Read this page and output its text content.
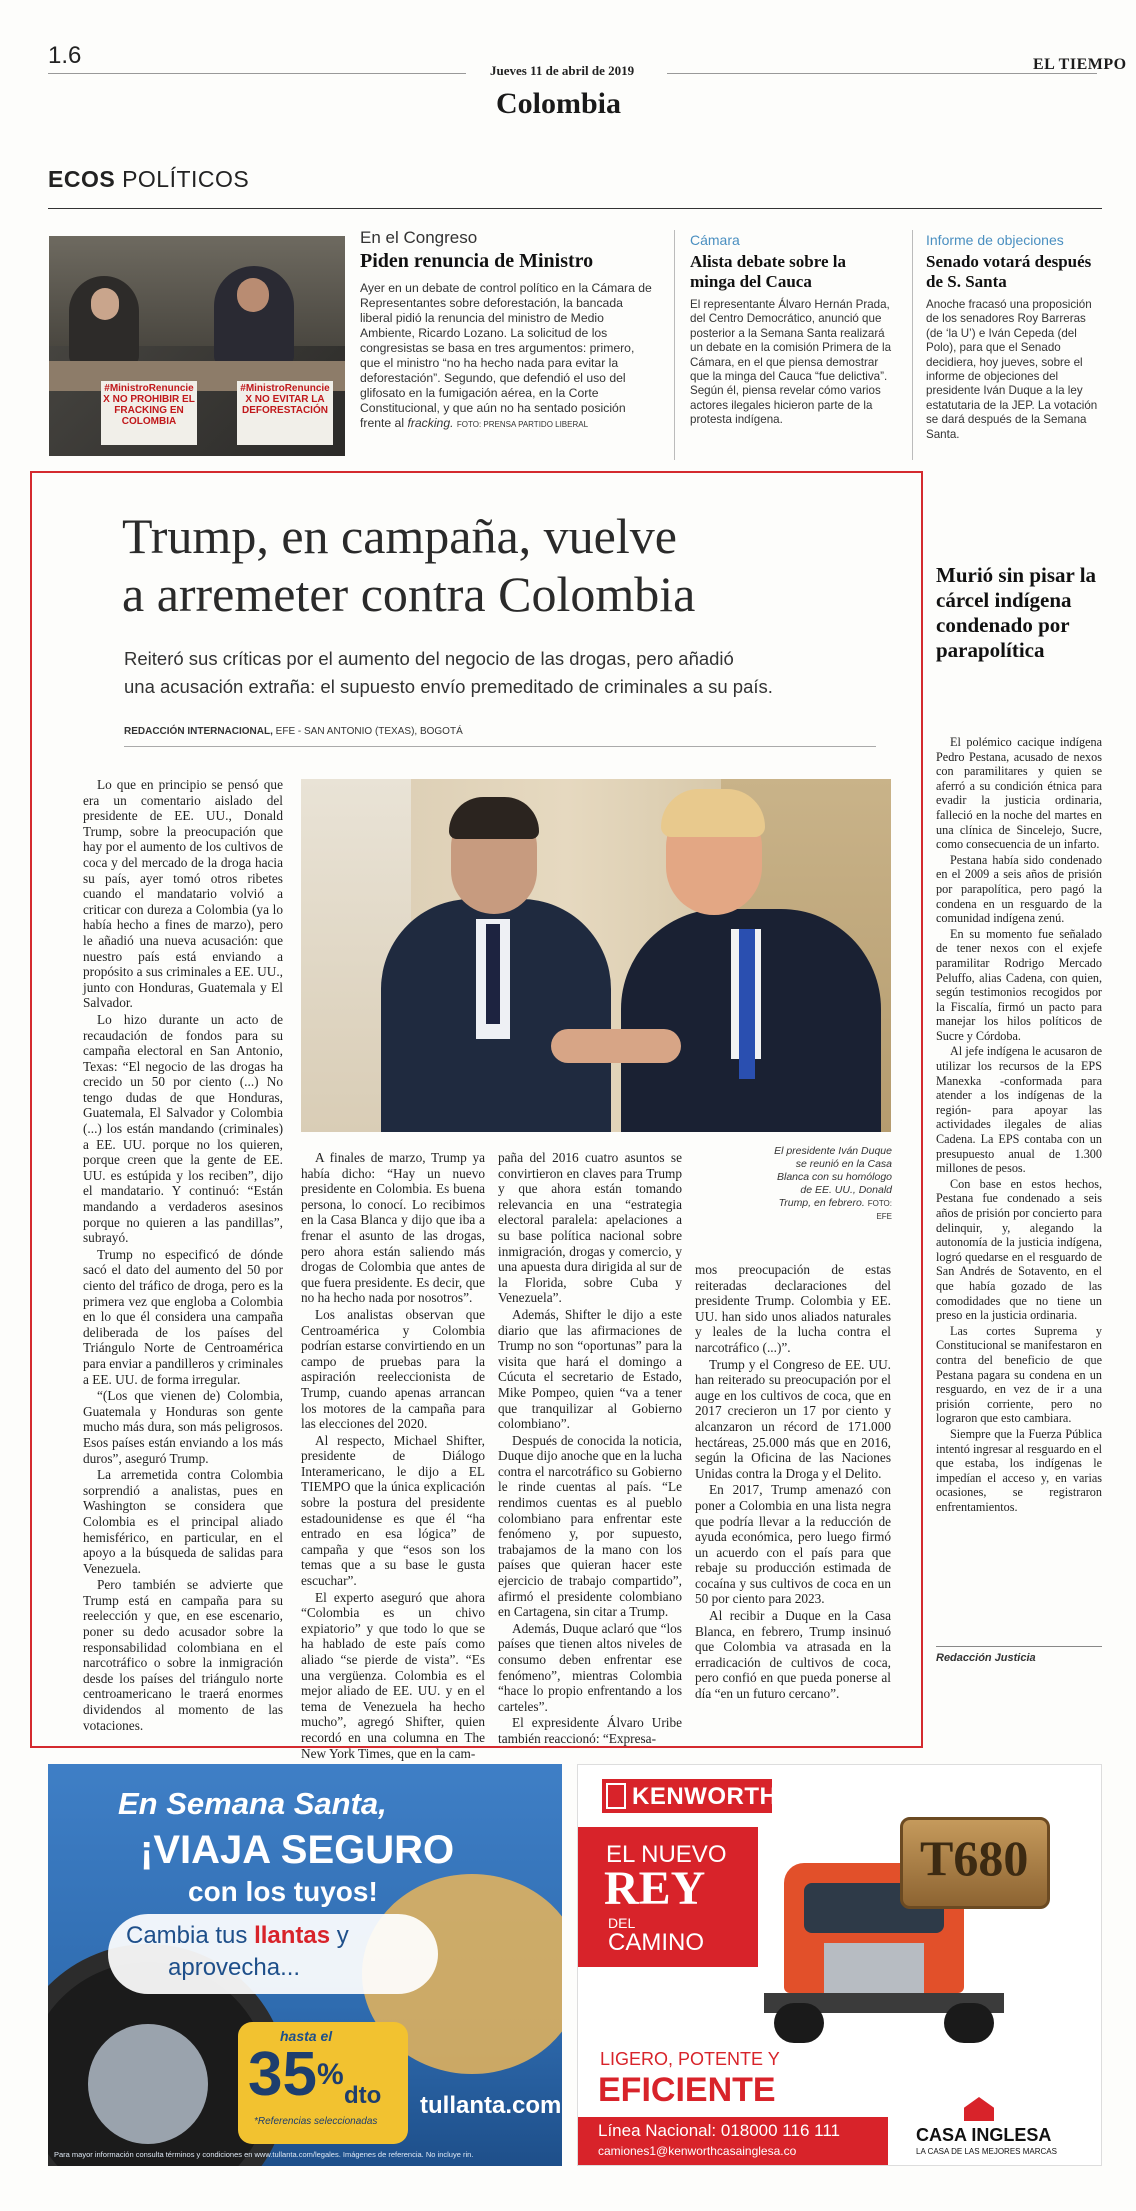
1.6
Jueves 11 de abril de 2019	EL TIEMPO
Colombia
ECOS POLÍTICOS
#MinistroRenuncie X NO PROHIBIR EL FRACKING EN COLOMBIA
#MinistroRenuncie X NO EVITAR LA DEFORESTACIÓN
En el Congreso
Piden renuncia de Ministro
Ayer en un debate de control político en la Cámara de Representantes sobre deforestación, la bancada liberal pidió la renuncia del ministro de Medio Ambiente, Ricardo Lozano. La solicitud de los congresistas se basa en tres argumentos: primero, que el ministro “no ha hecho nada para evitar la deforestación”. Segundo, que defendió el uso del glifosato en la fumigación aérea, en la Corte Constitucional, y que aún no ha sentado posición frente al fracking. FOTO: PRENSA PARTIDO LIBERAL
Cámara
Alista debate sobre la minga del Cauca
El representante Álvaro Hernán Prada, del Centro Democrático, anunció que posterior a la Semana Santa realizará un debate en la comisión Primera de la Cámara, en el que piensa demostrar que la minga del Cauca “fue delictiva”. Según él, piensa revelar cómo varios actores ilegales hicieron parte de la protesta indígena.
Informe de objeciones
Senado votará después de S. Santa
Anoche fracasó una proposición de los senadores Roy Barreras (de ‘la U’) e Iván Cepeda (del Polo), para que el Senado decidiera, hoy jueves, sobre el informe de objeciones del presidente Iván Duque a la ley estatutaria de la JEP. La votación se dará después de la Semana Santa.
Trump, en campaña, vuelve
a arremeter contra Colombia
Reiteró sus críticas por el aumento del negocio de las drogas, pero añadió
una acusación extraña: el supuesto envío premeditado de criminales a su país.
REDACCIÓN INTERNACIONAL, EFE - SAN ANTONIO (TEXAS), BOGOTÁ
El presidente Iván Duque se reunió en la Casa Blanca con su homólogo de EE. UU., Donald Trump, en febrero. FOTO: EFE

Lo que en principio se pensó que era un comentario aislado del presidente de EE. UU., Donald Trump, sobre la preocupación que hay por el aumento de los cultivos de coca y del mercado de la droga hacia su país, ayer tomó otros ribetes cuando el mandatario volvió a criticar con dureza a Colombia (ya lo había hecho a fines de marzo), pero le añadió una nueva acusación: que nuestro país está enviando a propósito a sus criminales a EE. UU., junto con Honduras, Guatemala y El Salvador.

Lo hizo durante un acto de recaudación de fondos para su campaña electoral en San Antonio, Texas: “El negocio de las drogas ha crecido un 50 por ciento (...) No tengo dudas de que Honduras, Guatemala, El Salvador y Colombia (...) los están mandando (criminales) a EE. UU. porque no los quieren, porque creen que la gente de EE. UU. es estúpida y los reciben”, dijo el mandatario. Y continuó: “Están mandando a verdaderos asesinos porque no quieren a las pandillas”, subrayó.

Trump no especificó de dónde sacó el dato del aumento del 50 por ciento del tráfico de droga, pero es la primera vez que engloba a Colombia en lo que él considera una campaña deliberada de los países del Triángulo Norte de Centroamérica para enviar a pandilleros y criminales a EE. UU. de forma irregular.

“(Los que vienen de) Colombia, Guatemala y Honduras son gente mucho más dura, son más peligrosos. Esos países están enviando a los más duros”, aseguró Trump.

La arremetida contra Colombia sorprendió a analistas, pues en Washington se considera que Colombia es el principal aliado hemisférico, en particular, en el apoyo a la búsqueda de salidas para Venezuela.

Pero también se advierte que Trump está en campaña para su reelección y que, en ese escenario, poner su dedo acusador sobre la responsabilidad colombiana en el narcotráfico o sobre la inmigración desde los países del triángulo norte centroamericano le traerá enormes dividendos al momento de las votaciones.

A finales de marzo, Trump ya había dicho: “Hay un nuevo presidente en Colombia. Es buena persona, lo conocí. Lo recibimos en la Casa Blanca y dijo que iba a frenar el asunto de las drogas, pero ahora están saliendo más drogas de Colombia que antes de que fuera presidente. Es decir, que no ha hecho nada por nosotros”.

Los analistas observan que Centroamérica y Colombia podrían estarse convirtiendo en un campo de pruebas para la aspiración reeleccionista de Trump, cuando apenas arrancan los motores de la campaña para las elecciones del 2020.

Al respecto, Michael Shifter, presidente de Diálogo Interamericano, le dijo a EL TIEMPO que la única explicación sobre la postura del presidente estadounidense es que él “ha entrado en esa lógica” de campaña y que “esos son los temas que a su base le gusta escuchar”.

El experto aseguró que ahora “Colombia es un chivo expiatorio” y que todo lo que se ha hablado de este país como aliado “se pierde de vista”. “Es una vergüenza. Colombia es el mejor aliado de EE. UU. y en el tema de Venezuela ha hecho mucho”, agregó Shifter, quien recordó en una columna en The New York Times, que en la cam-

paña del 2016 cuatro asuntos se convirtieron en claves para Trump y que ahora están tomando relevancia en una “estrategia electoral paralela: apelaciones a su base política nacional sobre inmigración, drogas y comercio, y una apuesta dura dirigida al sur de la Florida, sobre Cuba y Venezuela”.

Además, Shifter le dijo a este diario que las afirmaciones de Trump no son “oportunas” para la visita que hará el domingo a Cúcuta el secretario de Estado, Mike Pompeo, quien “va a tener que tranquilizar al Gobierno colombiano”.

Después de conocida la noticia, Duque dijo anoche que en la lucha contra el narcotráfico su Gobierno le rinde cuentas al país. “Le rendimos cuentas es al pueblo colombiano para enfrentar este fenómeno y, por supuesto, trabajamos de la mano con los países que quieran hacer este ejercicio de trabajo compartido”, afirmó el presidente colombiano en Cartagena, sin citar a Trump.

Además, Duque aclaró que “los países que tienen altos niveles de consumo deben enfrentar ese fenómeno”, mientras Colombia “hace lo propio enfrentando a los carteles”.

El expresidente Álvaro Uribe también reaccionó: “Expresa-

mos preocupación de estas reiteradas declaraciones del presidente Trump. Colombia y EE. UU. han sido unos aliados naturales y leales de la lucha contra el narcotráfico (...)”.

Trump y el Congreso de EE. UU. han reiterado su preocupación por el auge en los cultivos de coca, que en 2017 crecieron un 17 por ciento y alcanzaron un récord de 171.000 hectáreas, 25.000 más que en 2016, según la Oficina de las Naciones Unidas contra la Droga y el Delito.

En 2017, Trump amenazó con poner a Colombia en una lista negra que podría llevar a la reducción de ayuda económica, pero luego firmó un acuerdo con el país para que rebaje su producción estimada de cocaína y sus cultivos de coca en un 50 por ciento para 2023.

Al recibir a Duque en la Casa Blanca, en febrero, Trump insinuó que Colombia va atrasada en la erradicación de cultivos de coca, pero confió en que pueda ponerse al día “en un futuro cercano”.

Murió sin pisar la cárcel indígena condenado por parapolítica

El polémico cacique indígena Pedro Pestana, acusado de nexos con paramilitares y quien se aferró a su condición étnica para evadir la justicia ordinaria, falleció en la noche del martes en una clínica de Sincelejo, Sucre, como consecuencia de un infarto.

Pestana había sido condenado en el 2009 a seis años de prisión por parapolítica, pero pagó la condena en un resguardo de la comunidad indígena zenú.

En su momento fue señalado de tener nexos con el exjefe paramilitar Rodrigo Mercado Peluffo, alias Cadena, con quien, según testimonios recogidos por la Fiscalía, firmó un pacto para manejar los hilos políticos de Sucre y Córdoba.

Al jefe indígena le acusaron de utilizar los recursos de la EPS Manexka -conformada para atender a los indígenas de la región- para apoyar las actividades ilegales de alias Cadena. La EPS contaba con un presupuesto anual de 1.300 millones de pesos.

Con base en estos hechos, Pestana fue condenado a seis años de prisión por concierto para delinquir, y, alegando la autonomía de la justicia indígena, logró quedarse en el resguardo de San Andrés de Sotavento, en el que había gozado de las comodidades que no tiene un preso en la justicia ordinaria.

Las cortes Suprema y Constitucional se manifestaron en contra del beneficio de que Pestana pagara su condena en un resguardo, en vez de ir a una prisión corriente, pero no lograron que esto cambiara.

Siempre que la Fuerza Pública intentó ingresar al resguardo en el que estaba, los indígenas le impedían el acceso y, en varias ocasiones, se registraron enfrentamientos.

Redacción Justicia
En Semana Santa,
¡VIAJA SEGURO
con los tuyos!
Cambia tus llantas y
aprovecha...
hasta el
35%
dto
*Referencias seleccionadas
tullanta.com
Para mayor información consulta términos y condiciones en www.tullanta.com/legales. Imágenes de referencia. No incluye rin.
KENWORTH
EL NUEVO
REY
DEL
CAMINO
T680
LIGERO, POTENTE Y
EFICIENTE
Línea Nacional: 018000 116 111
camiones1@kenworthcasainglesa.co
CASA INGLESA
LA CASA DE LAS MEJORES MARCAS
